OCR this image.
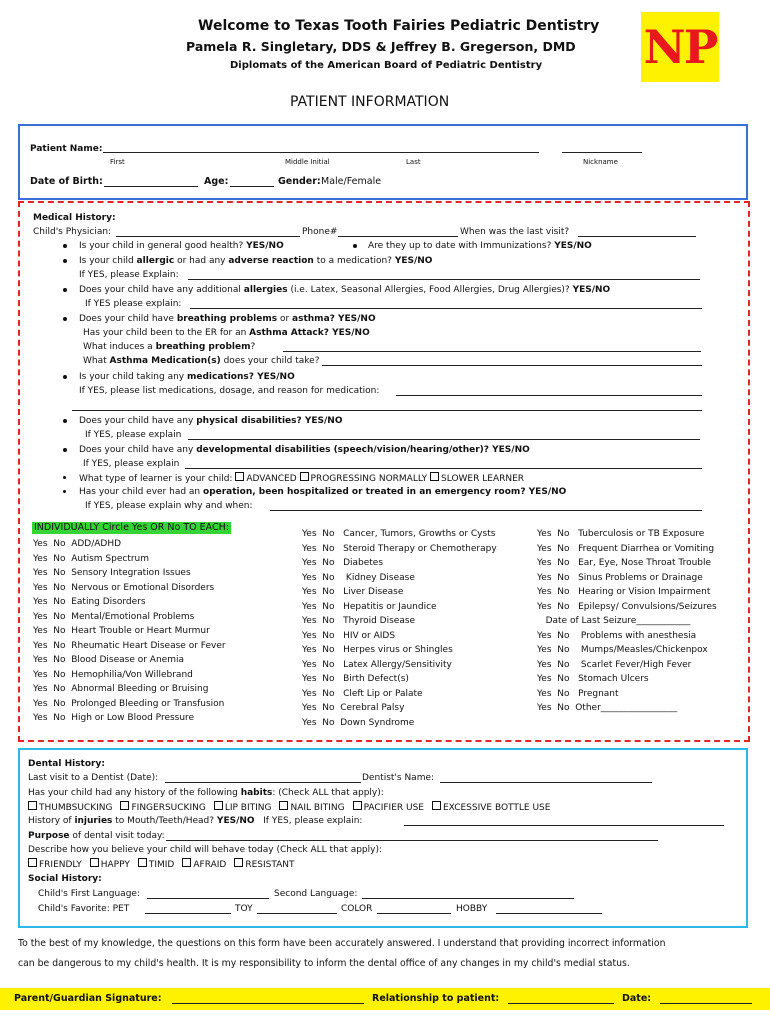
Welcome to Texas Tooth Fairies Pediatric Dentistry
Pamela R. Singletary, DDS & Jeffrey B. Gregerson, DMD
Diplomats of the American Board of Pediatric Dentistry NP
PATIENT INFORMATION
Patient Name:
First	Middle Initial	Last	Nickname
Date of Birth:	Age:	Gender: Male/Female
Medical History:
Child's Physician:	Phone#	When was the last visit?
Is your child in general good health? YES/NO	Are they up to date with Immunizations? YES/NO
Is your child allergic or had any adverse reaction to a medication? YES/NO
If YES, please Explain:
Does your child have any additional allergies (i.e. Latex, Seasonal Allergies, Food Allergies, Drug Allergies)? YES/NO
If YES please explain:
Does your child have breathing problems or asthma? YES/NO
Has your child been to the ER for an Asthma Attack? YES/NO
What induces a breathing problem?
What Asthma Medication(s) does your child take?
Is your child taking any medications? YES/NO
If YES, please list medications, dosage, and reason for medication:
Does your child have any physical disabilities? YES/NO
If YES, please explain
Does your child have any developmental disabilities (speech/vision/hearing/other)? YES/NO
If YES, please explain
What type of learner is your child: ADVANCED PROGRESSING NORMALLY SLOWER LEARNER
Has your child ever had an operation, been hospitalized or treated in an emergency room? YES/NO
If YES, please explain why and when:
INDIVIDUALLY Circle Yes OR No TO EACH:
Yes  No  ADD/ADHD
Yes  No  Autism Spectrum
Yes  No  Sensory Integration Issues
Yes  No  Nervous or Emotional Disorders
Yes  No  Eating Disorders
Yes  No  Mental/Emotional Problems
Yes  No  Heart Trouble or Heart Murmur
Yes  No  Rheumatic Heart Disease or Fever
Yes  No  Blood Disease or Anemia
Yes  No  Hemophilia/Von Willebrand
Yes  No  Abnormal Bleeding or Bruising
Yes  No  Prolonged Bleeding or Transfusion
Yes  No  High or Low Blood Pressure
Yes  No   Cancer, Tumors, Growths or Cysts
Yes  No   Steroid Therapy or Chemotherapy
Yes  No   Diabetes
Yes  No    Kidney Disease
Yes  No   Liver Disease
Yes  No   Hepatitis or Jaundice
Yes  No   Thyroid Disease
Yes  No   HIV or AIDS
Yes  No   Herpes virus or Shingles
Yes  No   Latex Allergy/Sensitivity
Yes  No   Birth Defect(s)
Yes  No   Cleft Lip or Palate
Yes  No  Cerebral Palsy
Yes  No  Down Syndrome
Yes  No   Tuberculosis or TB Exposure
Yes  No   Frequent Diarrhea or Vomiting
Yes  No   Ear, Eye, Nose Throat Trouble
Yes  No   Sinus Problems or Drainage
Yes  No   Hearing or Vision Impairment
Yes  No   Epilepsy/ Convulsions/Seizures
Date of Last Seizure____________
Yes  No    Problems with anesthesia
Yes  No    Mumps/Measles/Chickenpox
Yes  No    Scarlet Fever/High Fever
Yes  No   Stomach Ulcers
Yes  No   Pregnant
Yes  No  Other_________________
Dental History:
Last visit to a Dentist (Date):	Dentist's Name:
Has your child had any history of the following habits: (Check ALL that apply):
THUMBSUCKING FINGERSUCKING LIP BITING NAIL BITING PACIFIER USE EXCESSIVE BOTTLE USE
History of injuries to Mouth/Teeth/Head? YES/NO If YES, please explain:
Purpose of dental visit today:
Describe how you believe your child will behave today (Check ALL that apply):
FRIENDLY HAPPY TIMID AFRAID RESISTANT
Social History:
Child's First Language:	Second Language:
Child's Favorite: PET	TOY	COLOR	HOBBY
To the best of my knowledge, the questions on this form have been accurately answered. I understand that providing incorrect information
can be dangerous to my child's health. It is my responsibility to inform the dental office of any changes in my child's medial status.
Parent/Guardian Signature:	Relationship to patient:	Date:
